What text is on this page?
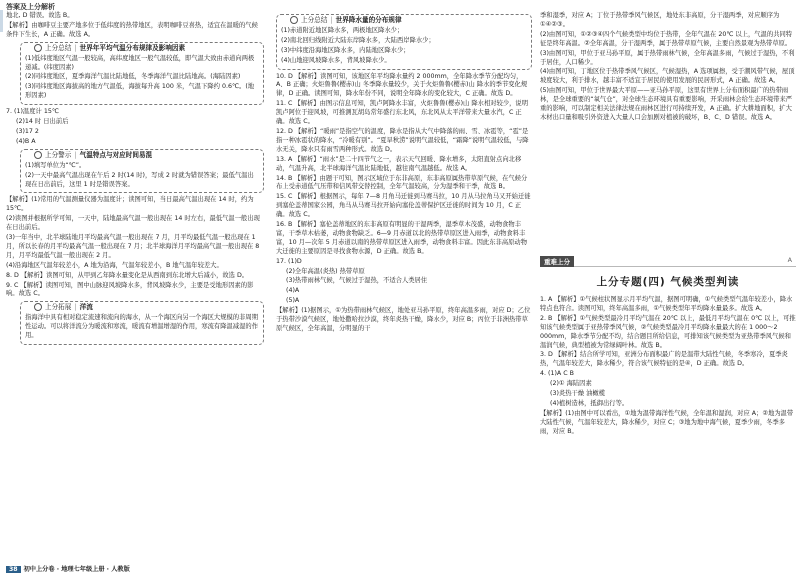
答案及上分解析

地北, D 错误。故选 B。

【解析】由咖啡豆主要产地多位于低纬度的热带地区，表明咖啡豆喜热，适宜在温暖的气候条件下生长，A 正确。故选 A。

上分总结 | 世界年平均气温分布规律及影响因素

(1)低纬度地区气温一般较高，高纬度地区一般气温较低，即气温大致由赤道向两极递减。(纬度因素)

(2)同纬度地区，夏季海洋气温比陆地低，冬季海洋气温比陆地高。(海陆因素)

(3)同纬度地区海拔高的地方气温低，海拔每升高 100 米，气温下降约 0.6℃。(地形因素)

7. (1)温度计 15℃

(2)14 时 日出前后

(3)17 2

(4)B A

上分警示 | 气温特点与对应时间易混

(1)填写单位为“℃”。

(2)一天中最高气温出现在午后 2 时(14 时)，写成 2 时就为错误答案；最低气温出现在日出前后，这里 1 时是错误答案。

【解析】(1)常用的气温测量仪器为温度计；读图可知，当日最高气温出现在 14 时，约为 15℃。

(2)读图并根据所学可知，一天中，陆地最高气温一般出现在 14 时左右，最低气温一般出现在日出前后。

(3)一年当中，北半球陆地月平均最高气温一般出现在 7 月，月平均最低气温一般出现在 1 月，所以长春的月平均最高气温一般出现在 7 月；北半球海洋月平均最高气温一般出现在 8 月，月平均最低气温一般出现在 2 月。

(4)沿海地区气温年较差小，A 地为沿海，气温年较差小，B 地气温年较差大。

8. D 【解析】读图可知，从甲到乙年降水量变化是从西南到东北增大后减小，故选 D。

9. C 【解析】读图可知，图中山脉迎风坡降水多，背风坡降水少，主要是受地形因素的影响。故选 C。

上分拓展 | 洋流

指海洋中具有相对稳定流速和流向的海水，从一个海区向另一个海区大规模的非周期性运动。可以将洋流分为暖流和寒流，暖流有增温增湿的作用，寒流有降温减湿的作用。

上分总结 | 世界降水量的分布规律

(1)赤道附近地区降水多，两极地区降水少；

(2)南北回归线附近大陆东岸降水多，大陆西岸降水少；

(3)中纬度沿海地区降水多，内陆地区降水少；

(4)山地迎风坡降水多，背风坡降水少。

10. D 【解析】读图可知，该地区年平均降水量约 2 000mm，全年降水季节分配均匀，A、B 正确；火炬鲁鲁(樱赤)山 冬季降水量较少，关于火炬鲁鲁(樱赤)山 降水的季节变化规律，D 正确。读图可知，降水年份不同，说明全年降水的变化较大，C 正确。故选 D。

11. C 【解析】由图示信息可知，凯卢阿降水丰富，火炬鲁鲁(樱赤)山 降水相对较少，说明凯卢阿位于迎风坡，可推测瓦胡岛常年盛行东北风，东北风从太平洋带来大量水汽，C 正确。故选 C。

12. D 【解析】“暖雨”是指空气的温度，降水是指从大气中降落的雨、雪、冰雹等，“雹”是指一种冰雹状的降水，“冷暖有别”。“夏旱秋涝”说明气温较低，“霜降”说明气温较低，与降水无关，降水只有雨雪两种形式。故选 D。

13. A 【解析】“雨水”是二十四节气之一，表示天气回暖、降水增多，太阳直射点向北移动，气温升高，北半球海洋气温比陆地低，越往南气温越低。故选 A。

14. B 【解析】由题干可知，图示区域位于东非高原，东非高原属热带草原气候，在气候分布上受赤道低气压带和信风带交替控制，全年气温较高，分为湿季和干季，故选 B。

15. C 【解析】根据图示，每年 7—8 月角马迁徙到马赛马拉，10 月从马拉角马又开始迁徙到塞伦盖蒂国家公园，角马从马赛马拉开始向塞伦盖蒂保护区迁徙的时间为 10 月，C 正确。故选 C。

16. B 【解析】塞伦盖蒂地区的东非高原有明显的干湿两季，湿季草木茂盛，动物食物丰富，干季草木枯萎，动物食物缺乏。6—9 月赤道以北的热带草原区进入雨季，动物食料丰富，10 月—次年 5 月赤道以南的热带草原区进入雨季，动物食料丰富。因此东非高原动物大迁徙的主要原因是寻找食物水源，D 正确。故选 B。

17. (1)D

(2)全年高温(炎热) 热带草原

(3)热带雨林气候，气候过于湿热，不适合人类居住

(4)A

(5)A

【解析】(1)据图示，①为热带雨林气候区，地处亚马孙平原，终年高温多雨，对应 D；乙位于热带沙漠气候区，地处撒哈拉沙漠，终年炎热干燥，降水少，对应 B；丙位于非洲热带草原气候区，全年高温，分明显的干

季和湿季，对应 A；丁位于热带季风气候区，地处东非高原，分干湿两季，对应顺序为①④②③。

(2)由图可知，①②③④四个气候类型中均位于热带，全年气温在 20℃ 以上，气温的共同特征是终年高温。②全年高温，分干湿两季，属于热带草原气候，主要自然景观为热带草原。

(3)由图可知，甲位于亚马孙平原，属于热带雨林气候，全年高温多雨，气候过于湿热，不利于居住，人口稀少。

(4)由图可知，丁地区位于热带季风气候区，气候湿热，A 选项属擦，受于潮风带气候，屋顶坡度较大，利于排水，越丰富不适宜于居民的使用发展的民居形式，A 正确。故选 A。

(5)由图可知，甲位于世界最大平原——亚马孙平原，这里有世界上分布面积最广的热带雨林，是全球重要的“氧气仓”，对全球生态环境具有重要影响，开采雨林会给生态环境带来严重的影响，可以制定相关法律法规在雨林区进行可持续开发，A 正确。扩大耕地面积，扩大木材出口量和吸引外资进入大量人口会加剧对植被的破坏，B、C、D 错误。故选 A。

重难上分	A
上分专题(四) 气候类型判读

1. A 【解析】①气候柱状图显示月平均气温，据图可明确，①气候类型气温年较差小，降水特点也符合。读图可知，终年高温多雨，①气候类型年平均降水量最多。故选 A。

2. B 【解析】①气候类型最冷月平均气温在 20℃ 以上，最低月平均气温在 0℃ 以上，可推知该气候类型属于亚热带季风气候，②气候类型最冷月平均降水量最大的在 1 000～2 000mm，降水季节分配不均，结合题目所给信息，可排知该气候类型为亚热带季风气候和温润气候，典型植被为常绿阔叶林。故选 B。

3. D 【解析】结合所学可知，亚洲分布面积最广的是温带大陆性气候，冬季寒冷，夏季炎热，气温年较差大，降水稀少，符合该气候特征的是④，D 正确。故选 D。

4. (1)A C B

(2)① 海陆因素

(3)炎热干燥 油橄榄

(4)植树造林，抵御出行等。

【解析】(1)由图中可以看出，①地为温带海洋性气候，全年温和湿润，对应 A；②地为温带大陆性气候，气温年较差大，降水稀少，对应 C；③地为地中海气候，夏季少雨，冬季多雨，对应 B。

38 初中上分卷 · 地理七年级上册 · 人教版
